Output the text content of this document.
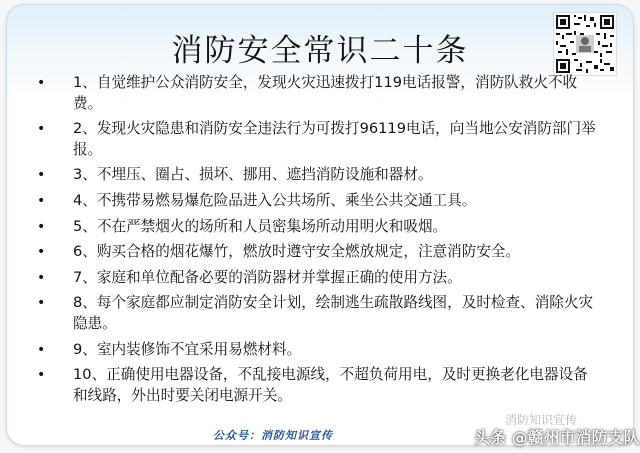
消防安全常识二十条
• 1、自觉维护公众消防安全，发现火灾迅速拨打119电话报警，消防队救火不收费。
• 2、发现火灾隐患和消防安全违法行为可拨打96119电话，向当地公安消防部门举报。
• 3、不埋压、圈占、损坏、挪用、遮挡消防设施和器材。
• 4、不携带易燃易爆危险品进入公共场所、乘坐公共交通工具。
• 5、不在严禁烟火的场所和人员密集场所动用明火和吸烟。
• 6、购买合格的烟花爆竹，燃放时遵守安全燃放规定，注意消防安全。
• 7、家庭和单位配备必要的消防器材并掌握正确的使用方法。
• 8、每个家庭都应制定消防安全计划，绘制逃生疏散路线图，及时检查、消除火灾隐患。
• 9、室内装修饰不宜采用易燃材料。
• 10、正确使用电器设备，不乱接电源线，不超负荷用电，及时更换老化电器设备和线路，外出时要关闭电源开关。
公众号：消防知识宣传
消防知识宣传
头条 @赣州市消防支队
